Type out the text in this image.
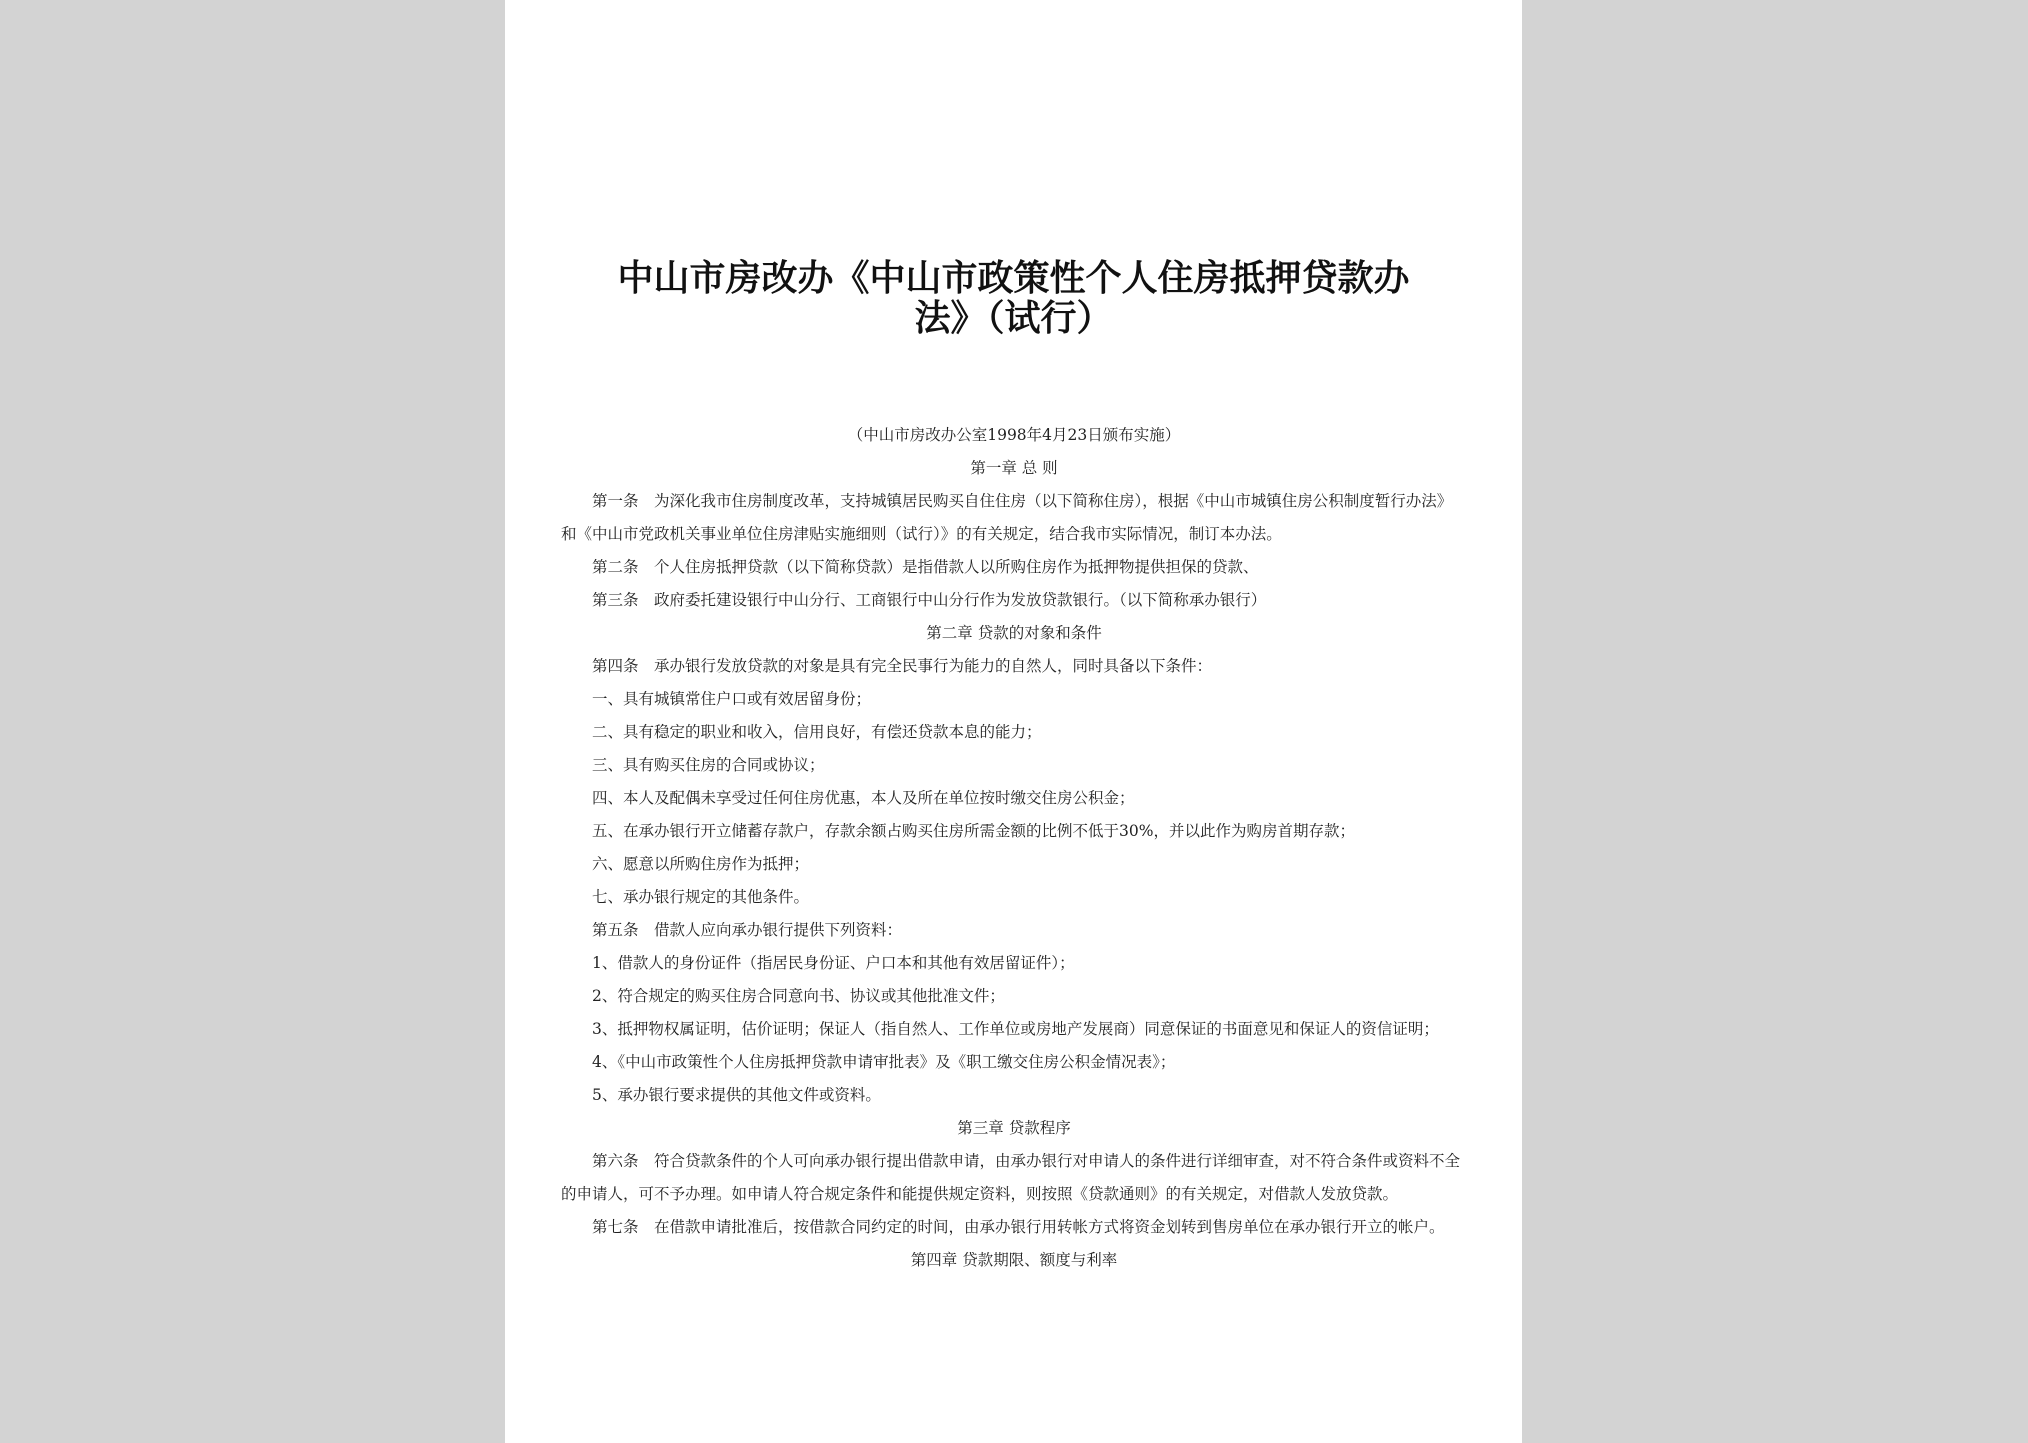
中山市房改办《中山市政策性个人住房抵押贷款办
法》（试行）

（中山市房改办公室1998年4月23日颁布实施）

第一章 总 则

第一条　为深化我市住房制度改革，支持城镇居民购买自住住房（以下简称住房），根据《中山市城镇住房公积制度暂行办法》和《中山市党政机关事业单位住房津贴实施细则（试行）》的有关规定，结合我市实际情况，制订本办法。

第二条　个人住房抵押贷款（以下简称贷款）是指借款人以所购住房作为抵押物提供担保的贷款、

第三条　政府委托建设银行中山分行、工商银行中山分行作为发放贷款银行。（以下简称承办银行）

第二章 贷款的对象和条件

第四条　承办银行发放贷款的对象是具有完全民事行为能力的自然人，同时具备以下条件：

一、具有城镇常住户口或有效居留身份；

二、具有稳定的职业和收入，信用良好，有偿还贷款本息的能力；

三、具有购买住房的合同或协议；

四、本人及配偶未享受过任何住房优惠，本人及所在单位按时缴交住房公积金；

五、在承办银行开立储蓄存款户，存款余额占购买住房所需金额的比例不低于30%，并以此作为购房首期存款；

六、愿意以所购住房作为抵押；

七、承办银行规定的其他条件。

第五条　借款人应向承办银行提供下列资料：

1、借款人的身份证件（指居民身份证、户口本和其他有效居留证件）；

2、符合规定的购买住房合同意向书、协议或其他批准文件；

3、抵押物权属证明，估价证明；保证人（指自然人、工作单位或房地产发展商）同意保证的书面意见和保证人的资信证明；

4、《中山市政策性个人住房抵押贷款申请审批表》及《职工缴交住房公积金情况表》；

5、承办银行要求提供的其他文件或资料。

第三章 贷款程序

第六条　符合贷款条件的个人可向承办银行提出借款申请，由承办银行对申请人的条件进行详细审查，对不符合条件或资料不全的申请人，可不予办理。如申请人符合规定条件和能提供规定资料，则按照《贷款通则》的有关规定，对借款人发放贷款。

第七条　在借款申请批准后，按借款合同约定的时间，由承办银行用转帐方式将资金划转到售房单位在承办银行开立的帐户。

第四章 贷款期限、额度与利率
